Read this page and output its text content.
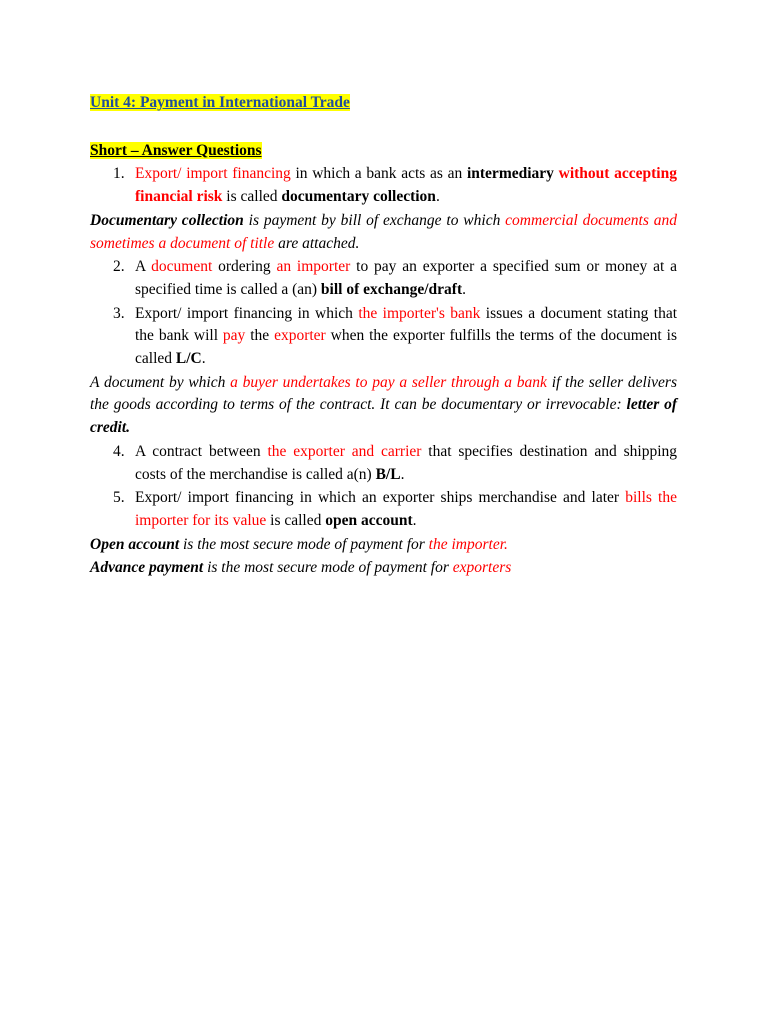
Unit 4: Payment in International Trade
Short – Answer Questions
1. Export/ import financing in which a bank acts as an intermediary without accepting financial risk is called documentary collection.
Documentary collection is payment by bill of exchange to which commercial documents and sometimes a document of title are attached.
2. A document ordering an importer to pay an exporter a specified sum or money at a specified time is called a (an) bill of exchange/draft.
3. Export/ import financing in which the importer's bank issues a document stating that the bank will pay the exporter when the exporter fulfills the terms of the document is called L/C.
A document by which a buyer undertakes to pay a seller through a bank if the seller delivers the goods according to terms of the contract. It can be documentary or irrevocable: letter of credit.
4. A contract between the exporter and carrier that specifies destination and shipping costs of the merchandise is called a(n) B/L.
5. Export/ import financing in which an exporter ships merchandise and later bills the importer for its value is called open account.
Open account is the most secure mode of payment for the importer.
Advance payment is the most secure mode of payment for exporters
